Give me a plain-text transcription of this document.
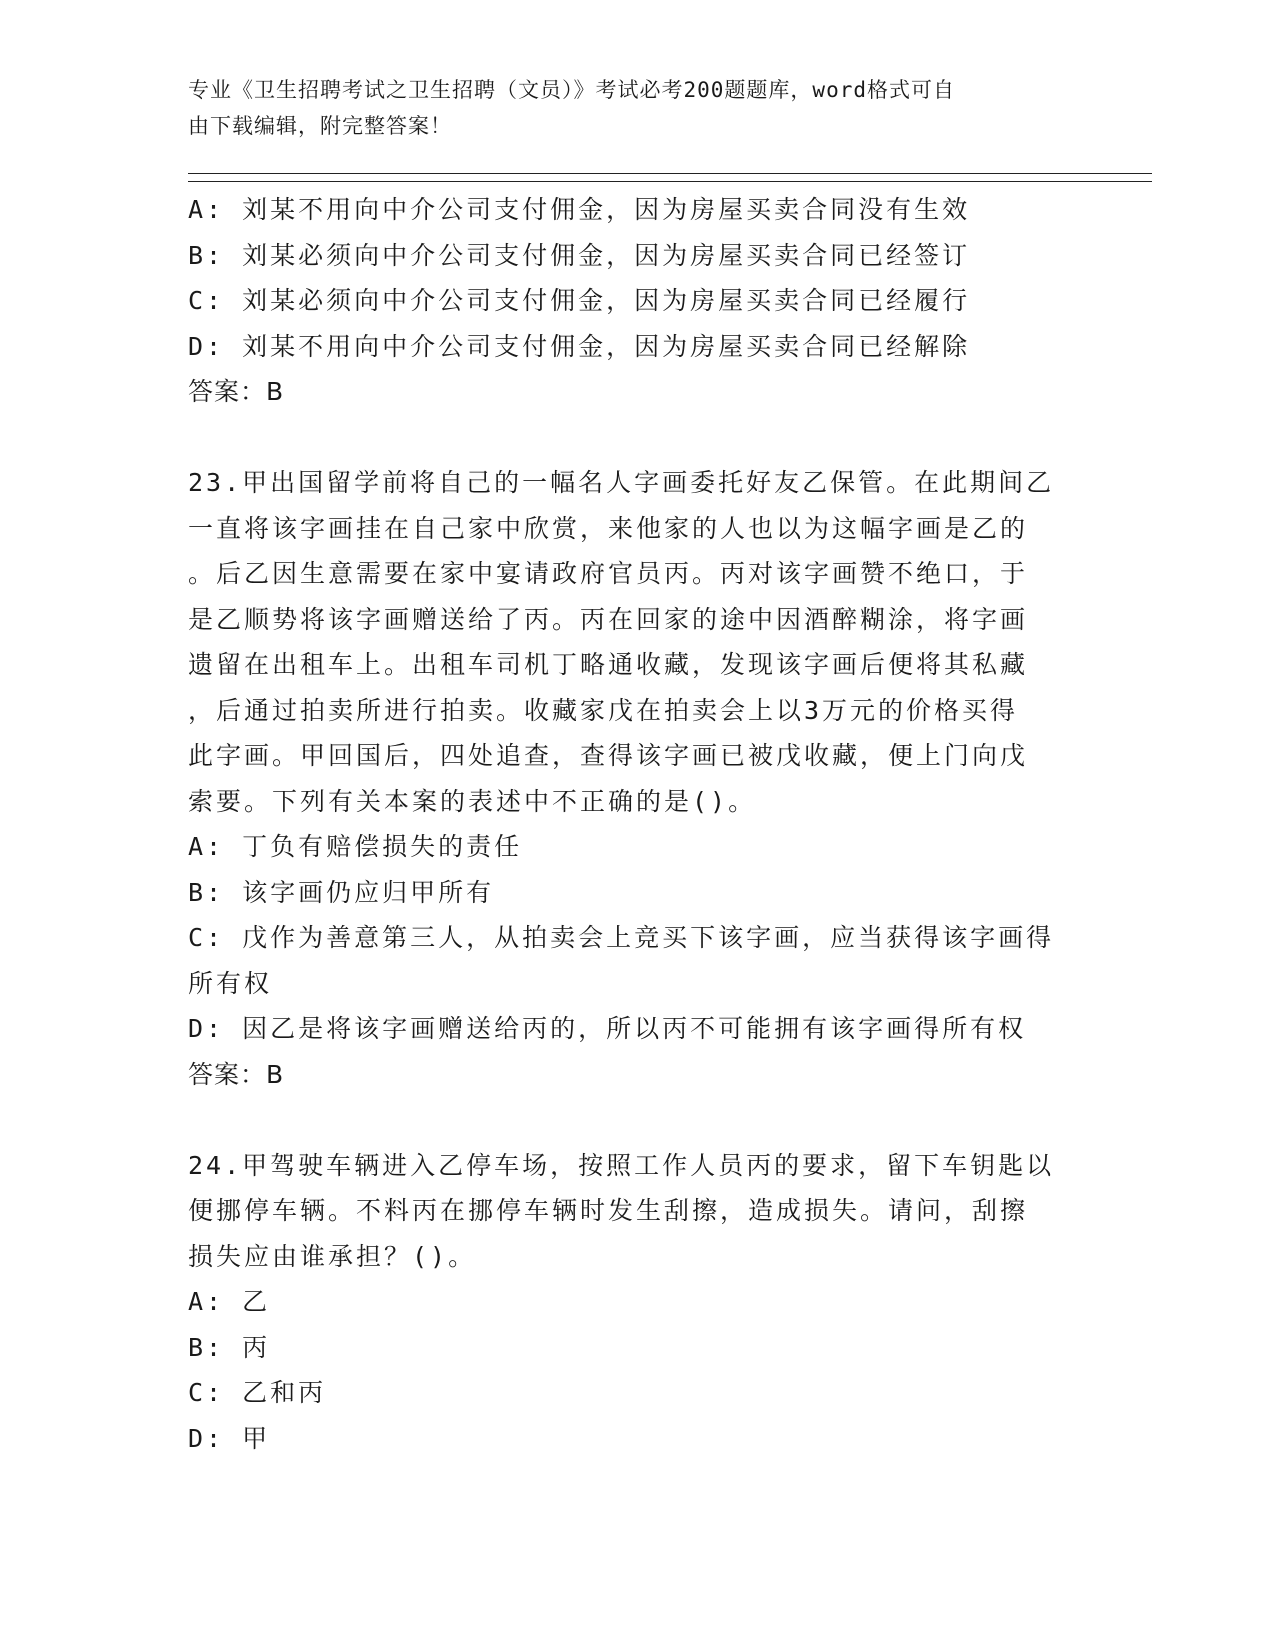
专业《卫生招聘考试之卫生招聘（文员）》考试必考200题题库，word格式可自
由下载编辑，附完整答案！
A: 刘某不用向中介公司支付佣金，因为房屋买卖合同没有生效
B: 刘某必须向中介公司支付佣金，因为房屋买卖合同已经签订
C: 刘某必须向中介公司支付佣金，因为房屋买卖合同已经履行
D: 刘某不用向中介公司支付佣金，因为房屋买卖合同已经解除
答案：B
23.甲出国留学前将自己的一幅名人字画委托好友乙保管。在此期间乙
一直将该字画挂在自己家中欣赏，来他家的人也以为这幅字画是乙的
。后乙因生意需要在家中宴请政府官员丙。丙对该字画赞不绝口，于
是乙顺势将该字画赠送给了丙。丙在回家的途中因酒醉糊涂，将字画
遗留在出租车上。出租车司机丁略通收藏，发现该字画后便将其私藏
，后通过拍卖所进行拍卖。收藏家戊在拍卖会上以3万元的价格买得
此字画。甲回国后，四处追查，查得该字画已被戊收藏，便上门向戊
索要。下列有关本案的表述中不正确的是()。
A: 丁负有赔偿损失的责任
B: 该字画仍应归甲所有
C: 戊作为善意第三人，从拍卖会上竞买下该字画，应当获得该字画得
所有权
D: 因乙是将该字画赠送给丙的，所以丙不可能拥有该字画得所有权
答案：B
24.甲驾驶车辆进入乙停车场，按照工作人员丙的要求，留下车钥匙以
便挪停车辆。不料丙在挪停车辆时发生刮擦，造成损失。请问，刮擦
损失应由谁承担？()。
A: 乙
B: 丙
C: 乙和丙
D: 甲
